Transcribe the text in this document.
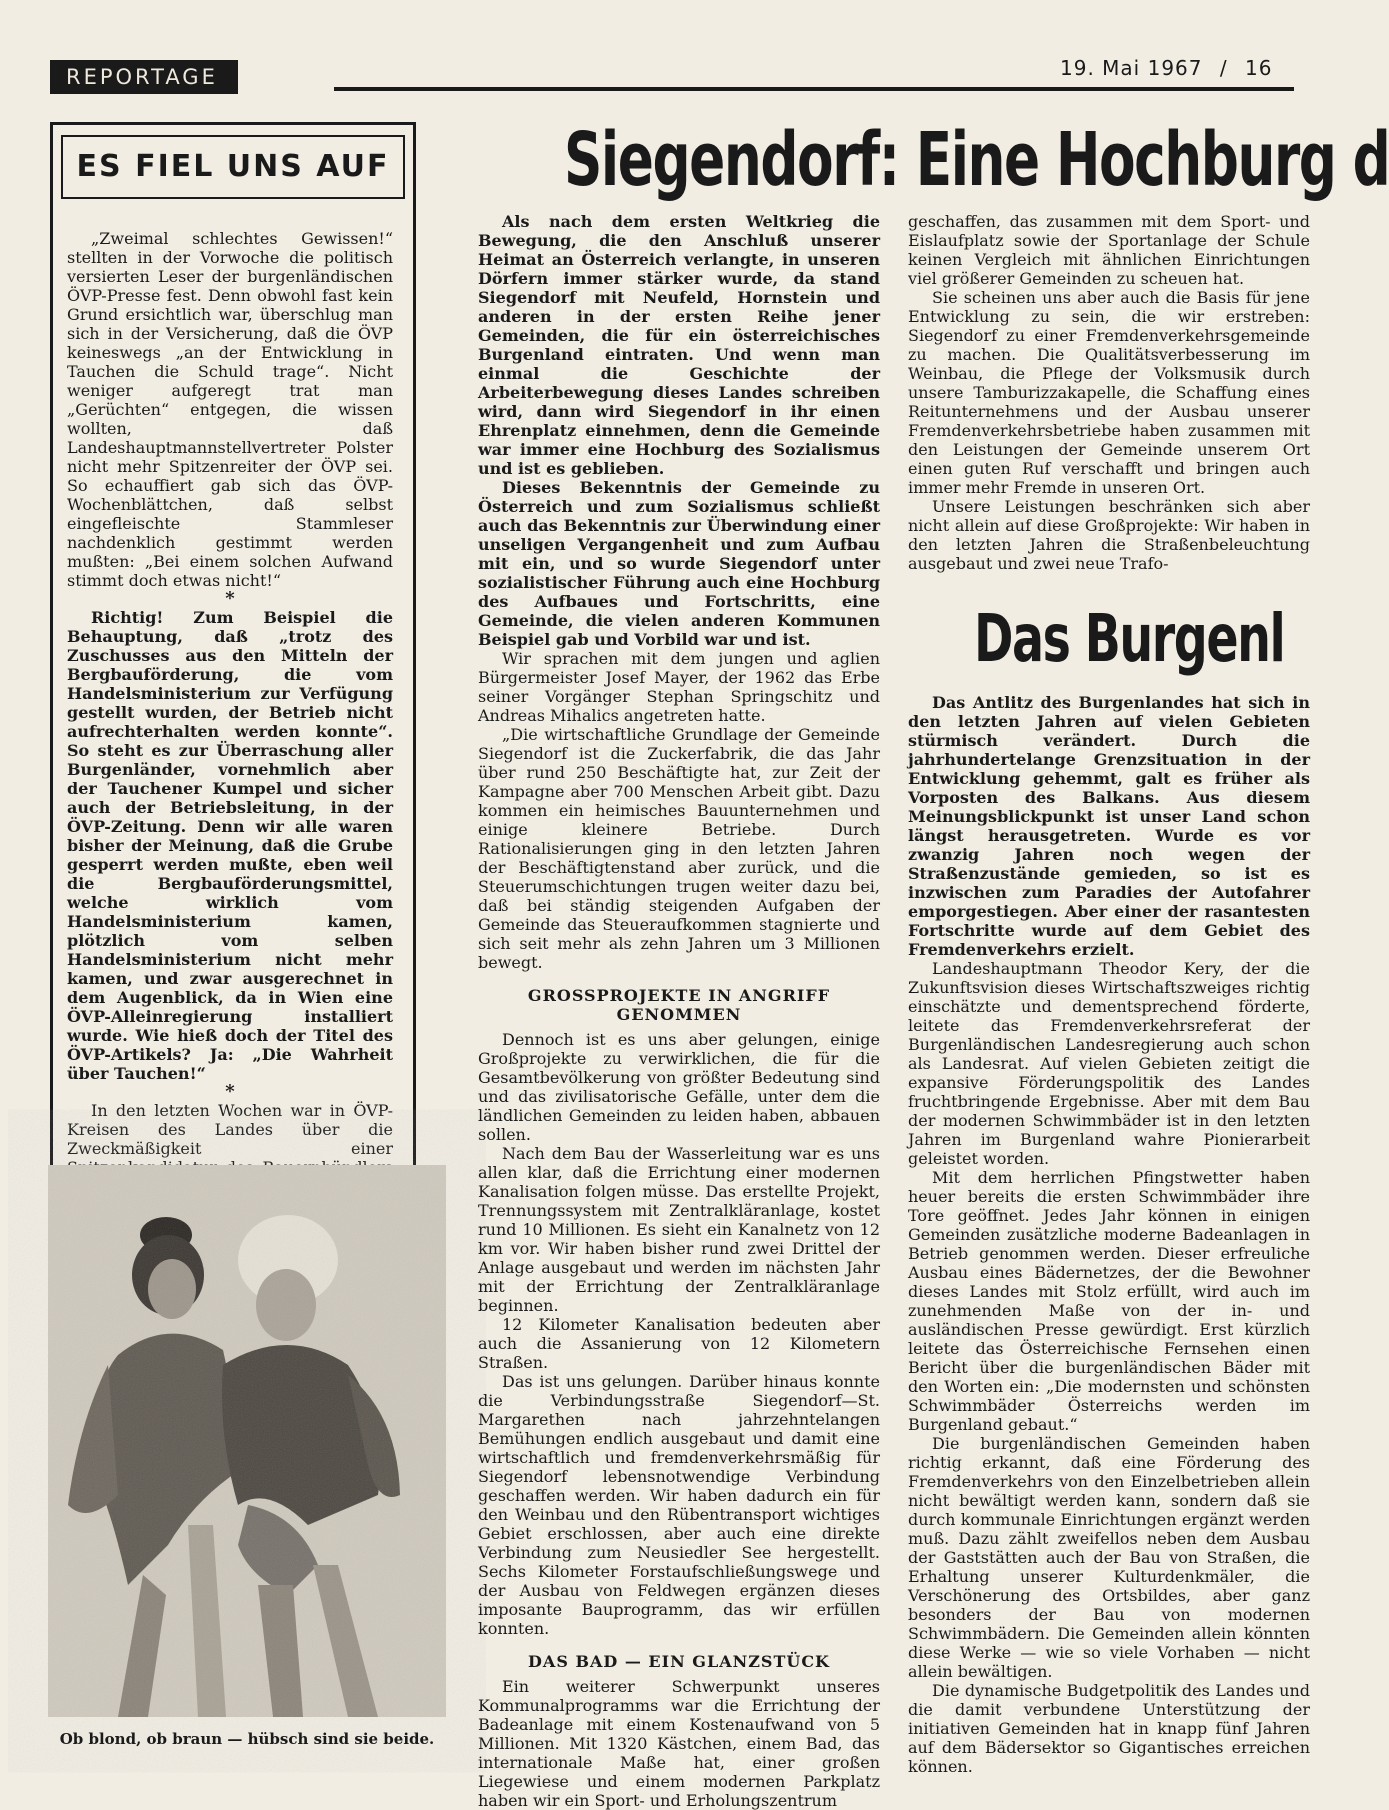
REPORTAGE	19. Mai 1967 / 16
ES FIEL UNS AUF

„Zweimal schlechtes Gewissen!“ stellten in der Vorwoche die politisch versierten Leser der burgenländischen ÖVP-Presse fest. Denn obwohl fast kein Grund ersichtlich war, überschlug man sich in der Versicherung, daß die ÖVP keineswegs „an der Entwicklung in Tauchen die Schuld trage“. Nicht weniger aufgeregt trat man „Gerüchten“ entgegen, die wissen wollten, daß Landeshauptmannstellvertreter Polster nicht mehr Spitzenreiter der ÖVP sei. So echauffiert gab sich das ÖVP-Wochenblättchen, daß selbst eingefleischte Stammleser nachdenklich gestimmt werden mußten: „Bei einem solchen Aufwand stimmt doch etwas nicht!“

*

Richtig! Zum Beispiel die Behauptung, daß „trotz des Zuschusses aus den Mitteln der Bergbauförderung, die vom Handelsministerium zur Verfügung gestellt wurden, der Betrieb nicht aufrechterhalten werden konnte“. So steht es zur Überraschung aller Burgenländer, vornehmlich aber der Tauchener Kumpel und sicher auch der Betriebsleitung, in der ÖVP-Zeitung. Denn wir alle waren bisher der Meinung, daß die Grube gesperrt werden mußte, eben weil die Bergbauförderungsmittel, welche wirklich vom Handelsministerium kamen, plötzlich vom selben Handelsministerium nicht mehr kamen, und zwar ausgerechnet in dem Augenblick, da in Wien eine ÖVP-Alleinregierung installiert wurde. Wie hieß doch der Titel des ÖVP-Artikels? Ja: „Die Wahrheit über Tauchen!“

*

In den letzten Wochen war in ÖVP-Kreisen des Landes über die Zweckmäßigkeit einer

Ob blond, ob braun — hübsch sind sie beide.
Siegendorf: Eine Hochburg d

Als nach dem ersten Weltkrieg die Bewegung, die den Anschluß unserer Heimat an Österreich verlangte, in unseren Dörfern immer stärker wurde, da stand Siegendorf mit Neufeld, Hornstein und anderen in der ersten Reihe jener Gemeinden, die für ein österreichisches Burgenland eintraten. Und wenn man einmal die Geschichte der Arbeiterbewegung dieses Landes schreiben wird, dann wird Siegendorf in ihr einen Ehrenplatz einnehmen, denn die Gemeinde war immer eine Hochburg des Sozialismus und ist es geblieben.

Dieses Bekenntnis der Gemeinde zu Österreich und zum Sozialismus schließt auch das Bekenntnis zur Überwindung einer unseligen Vergangenheit und zum Aufbau mit ein, und so wurde Siegendorf unter sozialistischer Führung auch eine Hochburg des Aufbaues und Fortschritts, eine Gemeinde, die vielen anderen Kommunen Beispiel gab und Vorbild war und ist.

Wir sprachen mit dem jungen und aglien Bürgermeister Josef Mayer, der 1962 das Erbe seiner Vorgänger Stephan Springschitz und Andreas Mihalics angetreten hatte.

„Die wirtschaftliche Grundlage der Gemeinde Siegendorf ist die Zuckerfabrik, die das Jahr über rund 250 Beschäftigte hat, zur Zeit der Kampagne aber 700 Menschen Arbeit gibt. Dazu kommen ein heimisches Bauunternehmen und einige kleinere Betriebe. Durch Rationalisierungen ging in den letzten Jahren der Beschäftigtenstand aber zurück, und die Steuerumschichtungen trugen weiter dazu bei, daß bei ständig steigenden Aufgaben der Gemeinde das Steueraufkommen stagnierte und sich seit mehr als zehn Jahren um 3 Millionen bewegt.

GROSSPROJEKTE IN ANGRIFF GENOMMEN

Dennoch ist es uns aber gelungen, einige Großprojekte zu verwirklichen, die für die Gesamtbevölkerung von größter Bedeutung sind und das zivilisatorische Gefälle, unter dem die ländlichen Gemeinden zu leiden haben, abbauen sollen.

Nach dem Bau der Wasserleitung war es uns allen klar, daß die Errichtung einer modernen Kanalisation folgen müsse. Das erstellte Projekt, Trennungssystem mit Zentralkläranlage, kostet rund 10 Millionen. Es sieht ein Kanalnetz von 12 km vor. Wir haben bisher rund zwei Drittel der Anlage ausgebaut und werden im nächsten Jahr mit der Errichtung der Zentralkläranlage beginnen.

12 Kilometer Kanalisation bedeuten aber auch die Assanierung von 12 Kilometern Straßen.

Das ist uns gelungen. Darüber hinaus konnte die Verbindungsstraße Siegendorf—St. Margarethen nach jahrzehntelangen Bemühungen endlich ausgebaut und damit eine wirtschaftlich und fremdenverkehrsmäßig für Siegendorf lebensnotwendige Verbindung geschaffen werden. Wir haben dadurch ein für den Weinbau und den Rübentransport wichtiges Gebiet erschlossen, aber auch eine direkte Verbindung zum Neusiedler See hergestellt. Sechs Kilometer Forstaufschließungswege und der Ausbau von Feldwegen ergänzen dieses imposante Bauprogramm, das wir erfüllen konnten.

DAS BAD — EIN GLANZSTÜCK

Ein weiterer Schwerpunkt unseres Kommunalprogramms war die Errichtung der Badeanlage mit einem Kostenaufwand von 5 Millionen. Mit 1320 Kästchen, einem Bad, das internationale Maße hat, einer großen Liegewiese und einem modernen Parkplatz haben wir ein Sport- und Erholungszentrum

geschaffen, das zusammen mit dem Sport- und Eislaufplatz sowie der Sportanlage der Schule keinen Vergleich mit ähnlichen Einrichtungen viel größerer Gemeinden zu scheuen hat.

Sie scheinen uns aber auch die Basis für jene Entwicklung zu sein, die wir erstreben: Siegendorf zu einer Fremdenverkehrsgemeinde zu machen. Die Qualitätsverbesserung im Weinbau, die Pflege der Volksmusik durch unsere Tamburizzakapelle, die Schaffung eines Reitunternehmens und der Ausbau unserer Fremdenverkehrsbetriebe haben zusammen mit den Leistungen der Gemeinde unserem Ort einen guten Ruf verschafft und bringen auch immer mehr Fremde in unseren Ort.

Unsere Leistungen beschränken sich aber nicht allein auf diese Großprojekte: Wir haben in den letzten Jahren die Straßenbeleuchtung ausgebaut und zwei neue Trafo-

Das Burgenl

Das Antlitz des Burgenlandes hat sich in den letzten Jahren auf vielen Gebieten stürmisch verändert. Durch die jahrhundertelange Grenzsituation in der Entwicklung gehemmt, galt es früher als Vorposten des Balkans. Aus diesem Meinungsblickpunkt ist unser Land schon längst herausgetreten. Wurde es vor zwanzig Jahren noch wegen der Straßenzustände gemieden, so ist es inzwischen zum Paradies der Autofahrer emporgestiegen. Aber einer der rasantesten Fortschritte wurde auf dem Gebiet des Fremdenverkehrs erzielt.

Landeshauptmann Theodor Kery, der die Zukunftsvision dieses Wirtschaftszweiges richtig einschätzte und dementsprechend förderte, leitete das Fremdenverkehrsreferat der Burgenländischen Landesregierung auch schon als Landesrat. Auf vielen Gebieten zeitigt die expansive Förderungspolitik des Landes fruchtbringende Ergebnisse. Aber mit dem Bau der modernen Schwimmbäder ist in den letzten Jahren im Burgenland wahre Pionierarbeit geleistet worden.

Mit dem herrlichen Pfingstwetter haben heuer bereits die ersten Schwimmbäder ihre Tore geöffnet. Jedes Jahr können in einigen Gemeinden zusätzliche moderne Badeanlagen in Betrieb genommen werden. Dieser erfreuliche Ausbau eines Bädernetzes, der die Bewohner dieses Landes mit Stolz erfüllt, wird auch im zunehmenden Maße von der in- und ausländischen Presse gewürdigt. Erst kürzlich leitete das Österreichische Fernsehen einen Bericht über die burgenländischen Bäder mit den Worten ein: „Die modernsten und schönsten Schwimmbäder Österreichs werden im Burgenland gebaut.“

Die burgenländischen Gemeinden haben richtig erkannt, daß eine Förderung des Fremdenverkehrs von den Einzelbetrieben allein nicht bewältigt werden kann, sondern daß sie durch kommunale Einrichtungen ergänzt werden muß. Dazu zählt zweifellos neben dem Ausbau der Gaststätten auch der Bau von Straßen, die Erhaltung unserer Kulturdenkmäler, die Verschönerung des Ortsbildes, aber ganz besonders der Bau von modernen Schwimmbädern. Die Gemeinden allein könnten diese Werke — wie so viele Vorhaben — nicht allein bewältigen.

Die dynamische Budgetpolitik des Landes und die damit verbundene Unterstützung der initiativen Gemeinden hat in knapp fünf Jahren auf dem Bädersektor so Gigantisches erreichen können.
